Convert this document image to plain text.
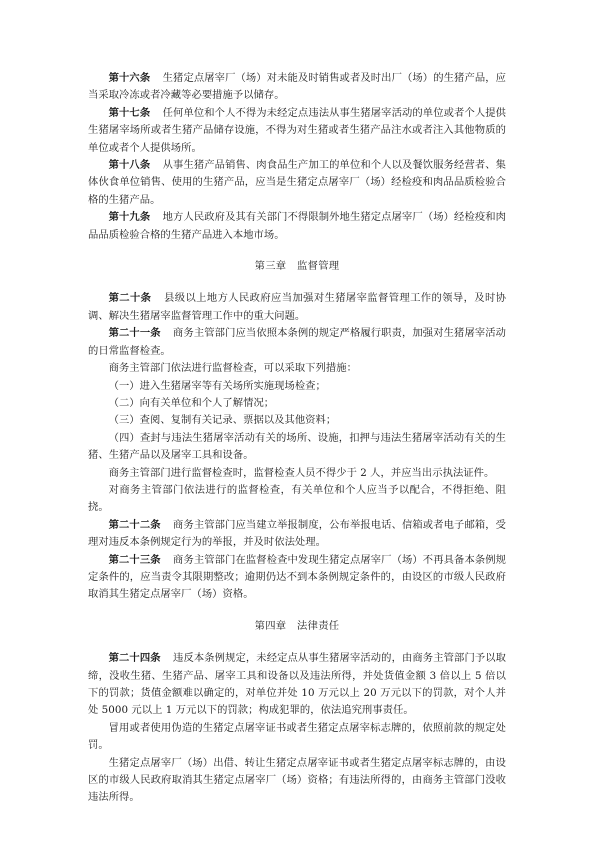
第十六条 生猪定点屠宰厂（场）对未能及时销售或者及时出厂（场）的生猪产品，应当采取冷冻或者冷藏等必要措施予以储存。

第十七条 任何单位和个人不得为未经定点违法从事生猪屠宰活动的单位或者个人提供生猪屠宰场所或者生猪产品储存设施，不得为对生猪或者生猪产品注水或者注入其他物质的单位或者个人提供场所。

第十八条 从事生猪产品销售、肉食品生产加工的单位和个人以及餐饮服务经营者、集体伙食单位销售、使用的生猪产品，应当是生猪定点屠宰厂（场）经检疫和肉品品质检验合格的生猪产品。

第十九条 地方人民政府及其有关部门不得限制外地生猪定点屠宰厂（场）经检疫和肉品品质检验合格的生猪产品进入本地市场。

第三章　监督管理

第二十条 县级以上地方人民政府应当加强对生猪屠宰监督管理工作的领导，及时协调、解决生猪屠宰监督管理工作中的重大问题。

第二十一条 商务主管部门应当依照本条例的规定严格履行职责，加强对生猪屠宰活动的日常监督检查。

商务主管部门依法进行监督检查，可以采取下列措施：

（一）进入生猪屠宰等有关场所实施现场检查；

（二）向有关单位和个人了解情况；

（三）查阅、复制有关记录、票据以及其他资料；

（四）查封与违法生猪屠宰活动有关的场所、设施，扣押与违法生猪屠宰活动有关的生猪、生猪产品以及屠宰工具和设备。

商务主管部门进行监督检查时，监督检查人员不得少于 2 人，并应当出示执法证件。

对商务主管部门依法进行的监督检查，有关单位和个人应当予以配合，不得拒绝、阻挠。

第二十二条 商务主管部门应当建立举报制度，公布举报电话、信箱或者电子邮箱，受理对违反本条例规定行为的举报，并及时依法处理。

第二十三条 商务主管部门在监督检查中发现生猪定点屠宰厂（场）不再具备本条例规定条件的，应当责令其限期整改；逾期仍达不到本条例规定条件的，由设区的市级人民政府取消其生猪定点屠宰厂（场）资格。

第四章　法律责任

第二十四条 违反本条例规定，未经定点从事生猪屠宰活动的，由商务主管部门予以取缔，没收生猪、生猪产品、屠宰工具和设备以及违法所得，并处货值金额 3 倍以上 5 倍以下的罚款；货值金额难以确定的，对单位并处 10 万元以上 20 万元以下的罚款，对个人并处 5000 元以上 1 万元以下的罚款；构成犯罪的，依法追究刑事责任。

冒用或者使用伪造的生猪定点屠宰证书或者生猪定点屠宰标志牌的，依照前款的规定处罚。

生猪定点屠宰厂（场）出借、转让生猪定点屠宰证书或者生猪定点屠宰标志牌的，由设区的市级人民政府取消其生猪定点屠宰厂（场）资格；有违法所得的，由商务主管部门没收违法所得。
